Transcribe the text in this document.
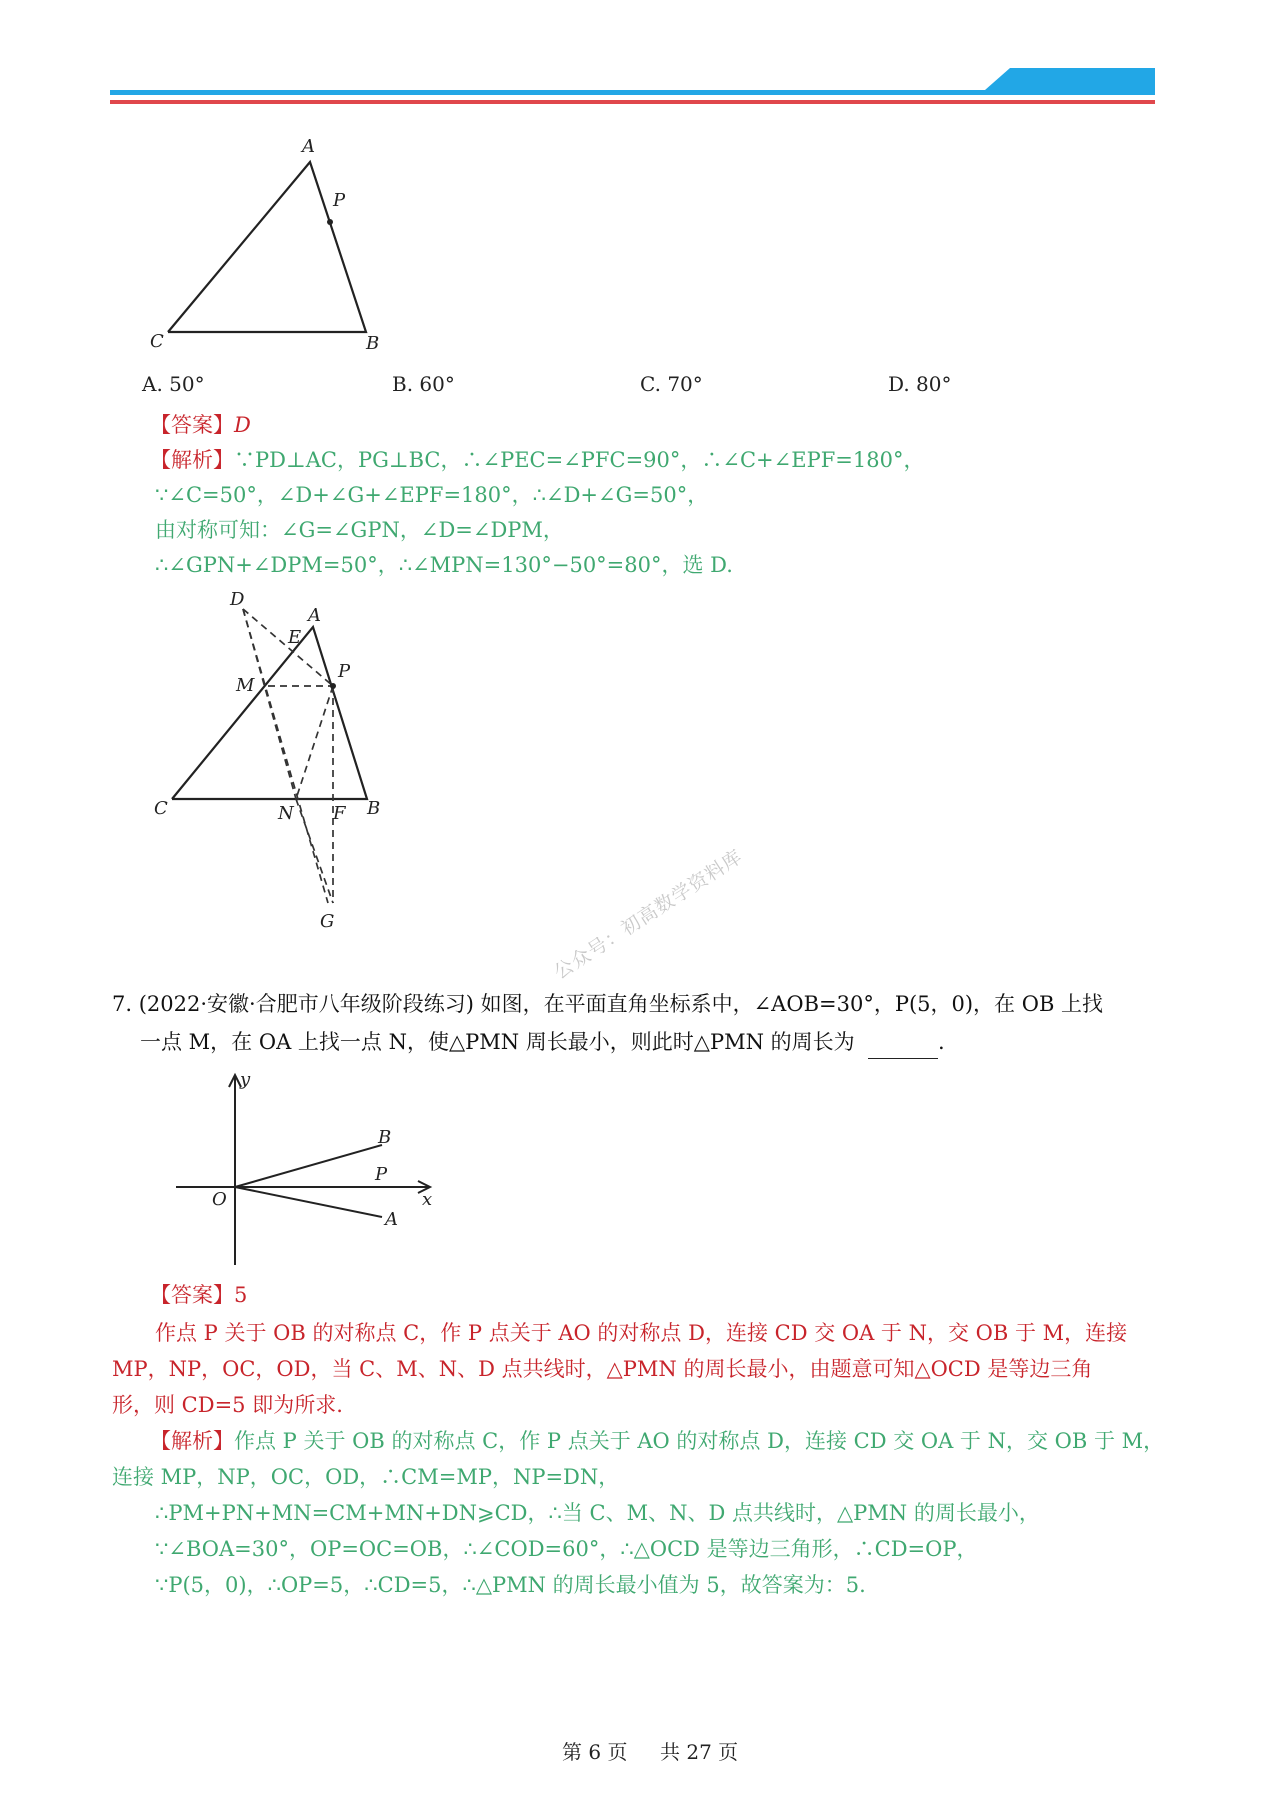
A
P
C	B
A. 50°	B. 60°	C. 70°	D. 80°
【答案】D
【解析】∵PD⊥AC，PG⊥BC，∴∠PEC=∠PFC=90°，∴∠C+∠EPF=180°，
∵∠C=50°，∠D+∠G+∠EPF=180°，∴∠D+∠G=50°，
由对称可知：∠G=∠GPN，∠D=∠DPM，
∴∠GPN+∠DPM=50°，∴∠MPN=130°−50°=80°，选 D.
D
A
E
M
P
C	N F B
G	公众号：初高数学资料库
7. (2022·安徽·合肥市八年级阶段练习) 如图，在平面直角坐标系中，∠AOB=30°，P(5，0)，在 OB 上找
一点 M，在 OA 上找一点 N，使△PMN 周长最小，则此时△PMN 的周长为	.
y
B
P
O	x
A
【答案】5
作点 P 关于 OB 的对称点 C，作 P 点关于 AO 的对称点 D，连接 CD 交 OA 于 N，交 OB 于 M，连接
MP，NP，OC，OD，当 C、M、N、D 点共线时，△PMN 的周长最小，由题意可知△OCD 是等边三角
形，则 CD=5 即为所求.
【解析】作点 P 关于 OB 的对称点 C，作 P 点关于 AO 的对称点 D，连接 CD 交 OA 于 N，交 OB 于 M，
连接 MP，NP，OC，OD，∴CM=MP，NP=DN，
∴PM+PN+MN=CM+MN+DN⩾CD，∴当 C、M、N、D 点共线时，△PMN 的周长最小，
∵∠BOA=30°，OP=OC=OB，∴∠COD=60°，∴△OCD 是等边三角形，∴CD=OP，
∵P(5，0)，∴OP=5，∴CD=5，∴△PMN 的周长最小值为 5，故答案为：5.
第 6 页 共 27 页
